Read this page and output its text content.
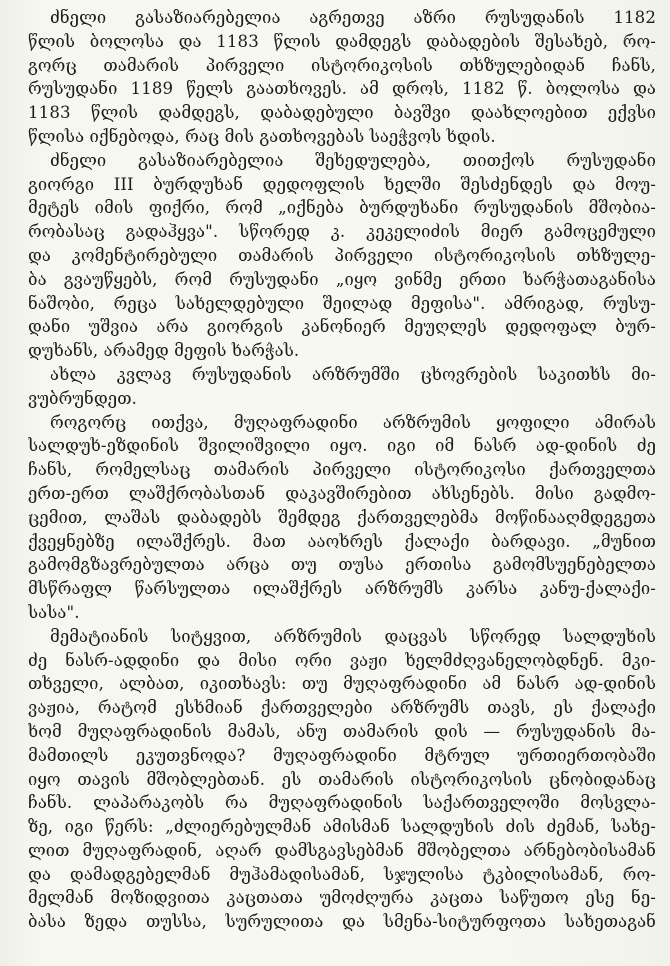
ძნელი გასაზიარებელია აგრეთვე აზრი რუსუდანის 1182
წლის ბოლოსა და 1183 წლის დამდეგს დაბადების შესახებ, რო-
გორც თამარის პირველი ისტორიკოსის თხზულებიდან ჩანს,
რუსუდანი 1189 წელს გაათხოვეს. ამ დროს, 1182 წ. ბოლოსა და
1183 წლის დამდეგს, დაბადებული ბავშვი დაახლოებით ექვსი
წლისა იქნებოდა, რაც მის გათხოვებას საეჭვოს ხდის.
ძნელი გასაზიარებელია შეხედულება, თითქოს რუსუდანი
გიორგი III ბურდუხან დედოფლის ხელში შესძენდეს და მოუ-
მეტეს იმის ფიქრი, რომ „იქნება ბურდუხანი რუსუდანის მშობია-
რობასაც გადაჰყვა". სწორედ კ. კეკელიძის მიერ გამოცემული
და კომენტირებული თამარის პირველი ისტორიკოსის თხზულე-
ბა გვაუწყებს, რომ რუსუდანი „იყო ვინმე ერთი ხარჭათაგანისა
ნაშობი, რეცა სახელდებული შეილად მეფისა". ამრიგად, რუსუ-
დანი უშვია არა გიორგის კანონიერ მეუღლეს დედოფალ ბურ-
დუხანს, არამედ მეფის ხარჭას.
ახლა კვლავ რუსუდანის არზრუმში ცხოვრების საკითხს მი-
ვუბრუნდეთ.
როგორც ითქვა, მუღაფრადინი არზრუმის ყოფილი ამირას
სალდუხ-ეზდინის შვილიშვილი იყო. იგი იმ ნასრ ად-დინის ძე
ჩანს, რომელსაც თამარის პირველი ისტორიკოსი ქართველთა
ერთ-ერთ ლაშქრობასთან დაკავშირებით ახსენებს. მისი გადმო-
ცემით, ლაშას დაბადებს შემდეგ ქართველებმა მოწინააღმდეგეთა
ქვეყნებზე ილაშქრეს. მათ ააოხრეს ქალაქი ბარდავი. „მუნით
გამომგზავრებულთა არცა თუ თუსა ერთისა გამომსუენებელთა
მსწრაფლ წარსულთა ილაშქრეს არზრუმს კარსა კანუ-ქალაქი-
სასა".
მემატიანის სიტყვით, არზრუმის დაცვას სწორედ სალდუხის
ძე ნასრ-ადდინი და მისი ორი ვაჟი ხელმძღვანელობდნენ. მკი-
თხველი, ალბათ, იკითხავს: თუ მუღაფრადინი ამ ნასრ ად-დინის
ვაჟია, რატომ ესხმიან ქართველები არზრუმს თავს, ეს ქალაქი
ხომ მუღაფრადინის მამას, ანუ თამარის დის — რუსუდანის მა-
მამთილს ეკუთვნოდა? მუღაფრადინი მტრულ ურთიერთობაში
იყო თავის მშობლებთან. ეს თამარის ისტორიკოსის ცნობიდანაც
ჩანს. ლაპარაკობს რა მუღაფრადინის საქართველოში მოსვლა-
ზე, იგი წერს: „ძლიერებულმან ამისმან სალდუხის ძის ძემან, სახე-
ლით მუღაფრადინ, აღარ დამსგავსებმან მშობელთა არნებობისამან
და დამადგებელმან მუჰამადისამან, სჯულისა ტკბილისამან, რო-
მელმან მოზიდვითა კაცთათა უმოძღურა კაცთა საწუთო ესე ნე-
ბასა ზედა თუსსა, სურულითა და სმენა-სიტურფოთა სახეთაგან
